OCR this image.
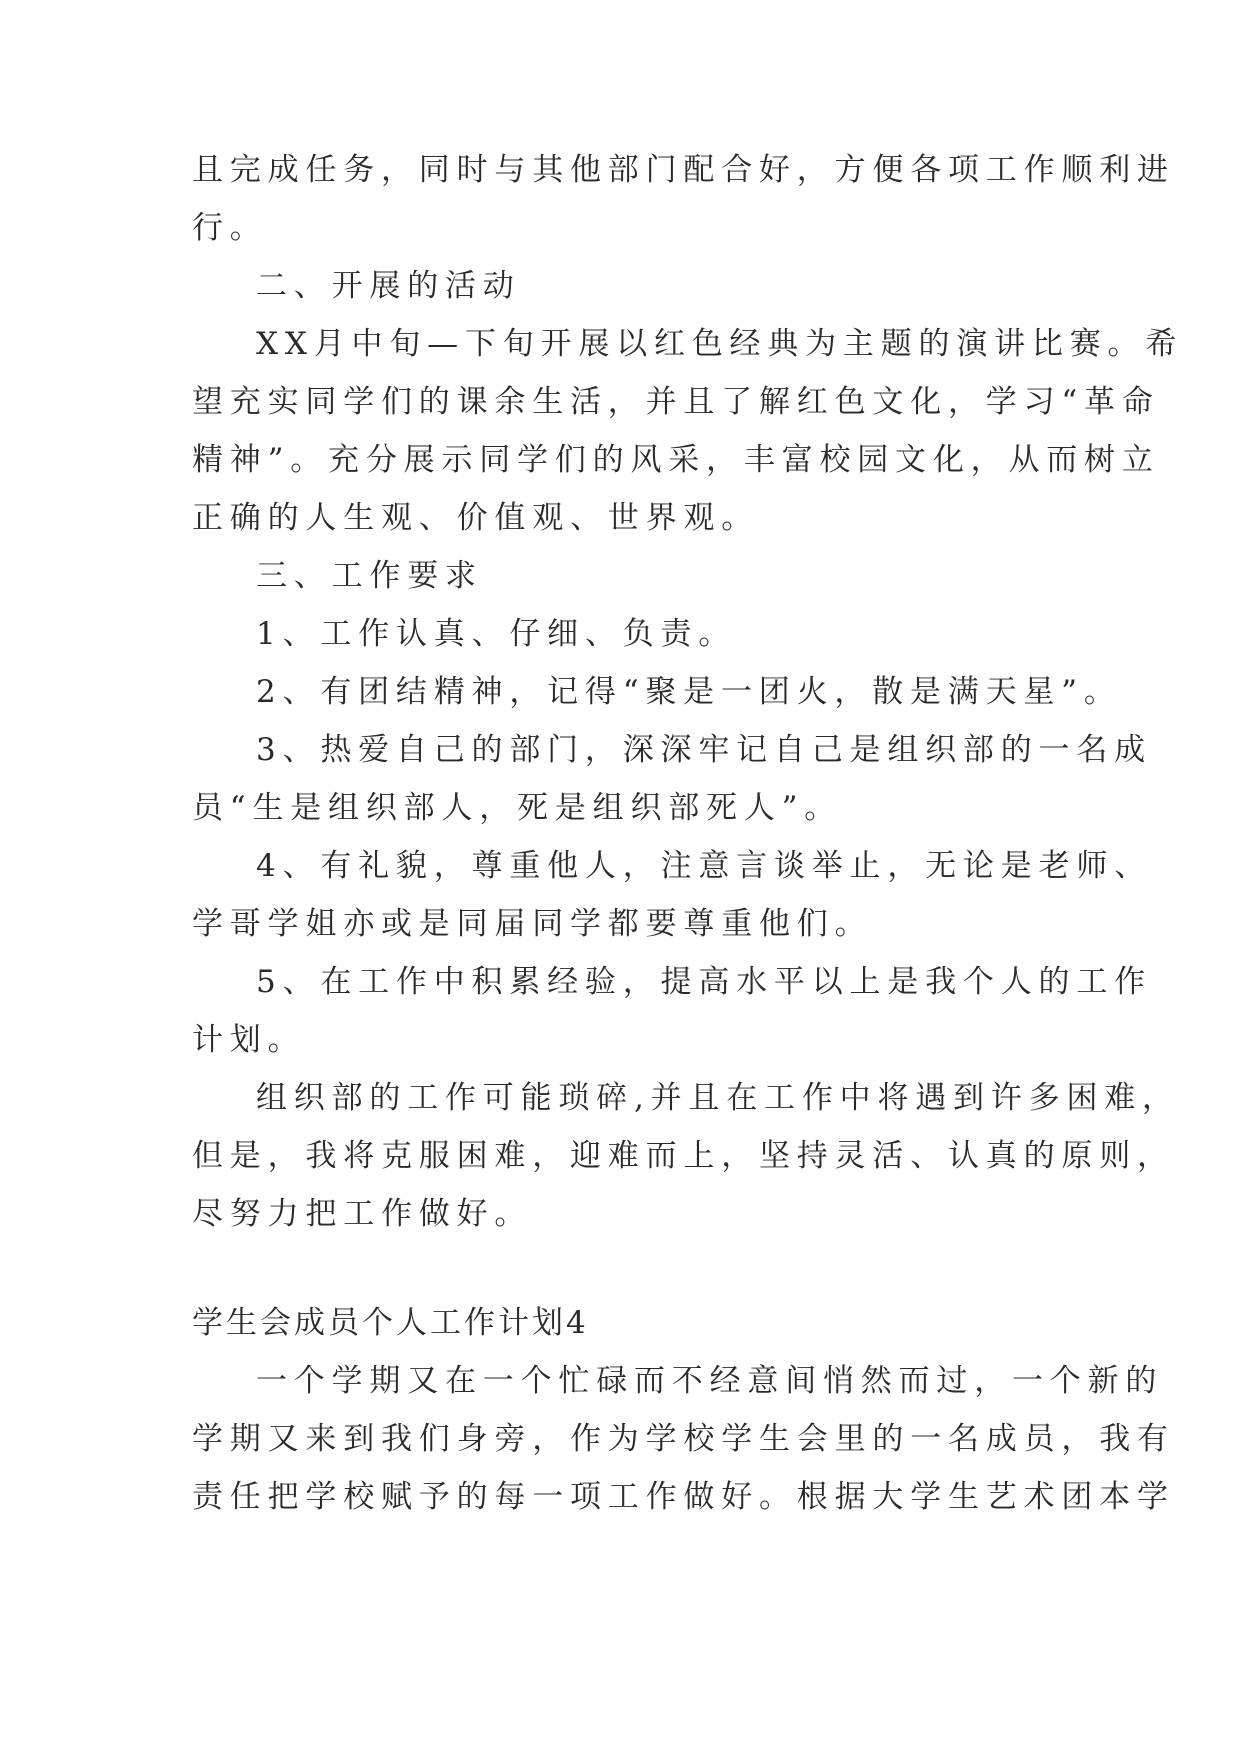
且完成任务，同时与其他部门配合好，方便各项工作顺利进

行。

二、开展的活动

XX月中旬—下旬开展以红色经典为主题的演讲比赛。希

望充实同学们的课余生活，并且了解红色文化，学习“革命

精神”。充分展示同学们的风采，丰富校园文化，从而树立

正确的人生观、价值观、世界观。

三、工作要求

1、工作认真、仔细、负责。

2、有团结精神，记得“聚是一团火，散是满天星”。

3、热爱自己的部门，深深牢记自己是组织部的一名成

员“生是组织部人，死是组织部死人”。

4、有礼貌，尊重他人，注意言谈举止，无论是老师、

学哥学姐亦或是同届同学都要尊重他们。

5、在工作中积累经验，提高水平以上是我个人的工作

计划。

组织部的工作可能琐碎,并且在工作中将遇到许多困难，

但是，我将克服困难，迎难而上，坚持灵活、认真的原则，

尽努力把工作做好。

学生会成员个人工作计划4

一个学期又在一个忙碌而不经意间悄然而过，一个新的

学期又来到我们身旁，作为学校学生会里的一名成员，我有

责任把学校赋予的每一项工作做好。根据大学生艺术团本学
